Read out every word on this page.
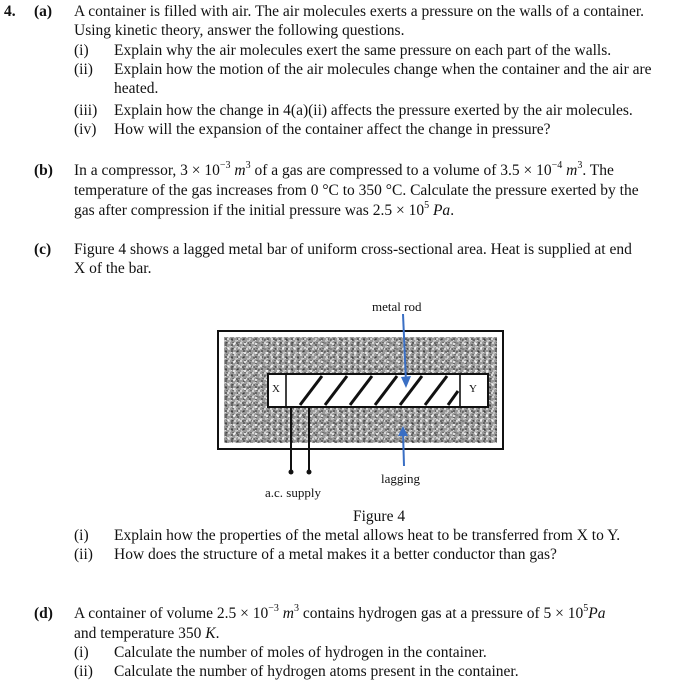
4. (a) A container is filled with air. The air molecules exerts a pressure on the walls of a container.
Using kinetic theory, answer the following questions.
(i) Explain why the air molecules exert the same pressure on each part of the walls.
(ii) Explain how the motion of the air molecules change when the container and the air are
heated.
(iii) Explain how the change in 4(a)(ii) affects the pressure exerted by the air molecules.
(iv) How will the expansion of the container affect the change in pressure?
(b) In a compressor, $3 \times 10^{-3}$ $m^3$ of a gas are compressed to a volume of $3.5 \times 10^{-4}$ $m^3$. The
temperature of the gas increases from 0 °C to 350 °C. Calculate the pressure exerted by the
gas after compression if the initial pressure was $2.5 \times 10^5$ Pa.
(c) Figure 4 shows a lagged metal bar of uniform cross-sectional area. Heat is supplied at end
X of the bar.
metal rod
lagging
a.c. supply
X	Y
Figure 4
(i) Explain how the properties of the metal allows heat to be transferred from X to Y.
(ii) How does the structure of a metal makes it a better conductor than gas?
(d) A container of volume $2.5 \times 10^{-3}$ $m^3$ contains hydrogen gas at a pressure of $5 \times 10^5Pa$
and temperature 350 K.
(i) Calculate the number of moles of hydrogen in the container.
(ii) Calculate the number of hydrogen atoms present in the container.
